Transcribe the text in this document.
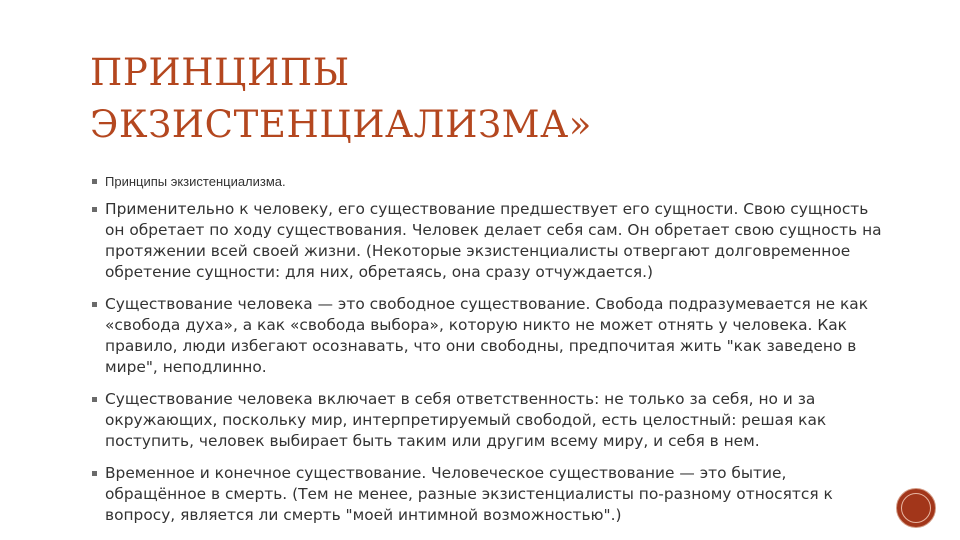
ПРИНЦИПЫ
ЭКЗИСТЕНЦИАЛИЗМА»
Принципы экзистенциализма.
Применительно к человеку, его существование предшествует его сущности. Свою сущность он обретает по ходу существования. Человек делает себя сам. Он обретает свою сущность на протяжении всей своей жизни. (Некоторые экзистенциалисты отвергают долговременное обретение сущности: для них, обретаясь, она сразу отчуждается.)
Существование человека — это свободное существование. Свобода подразумевается не как «свобода духа», а как «свобода выбора», которую никто не может отнять у человека. Как правило, люди избегают осознавать, что они свободны, предпочитая жить "как заведено в мире", неподлинно.
Существование человека включает в себя ответственность: не только за себя, но и за окружающих, поскольку мир, интерпретируемый свободой, есть целостный: решая как поступить, человек выбирает быть таким или другим всему миру, и себя в нем.
Временное и конечное существование. Человеческое существование — это бытие, обращённое в смерть. (Тем не менее, разные экзистенциалисты по-разному относятся к вопросу, является ли смерть "моей интимной возможностью".)
